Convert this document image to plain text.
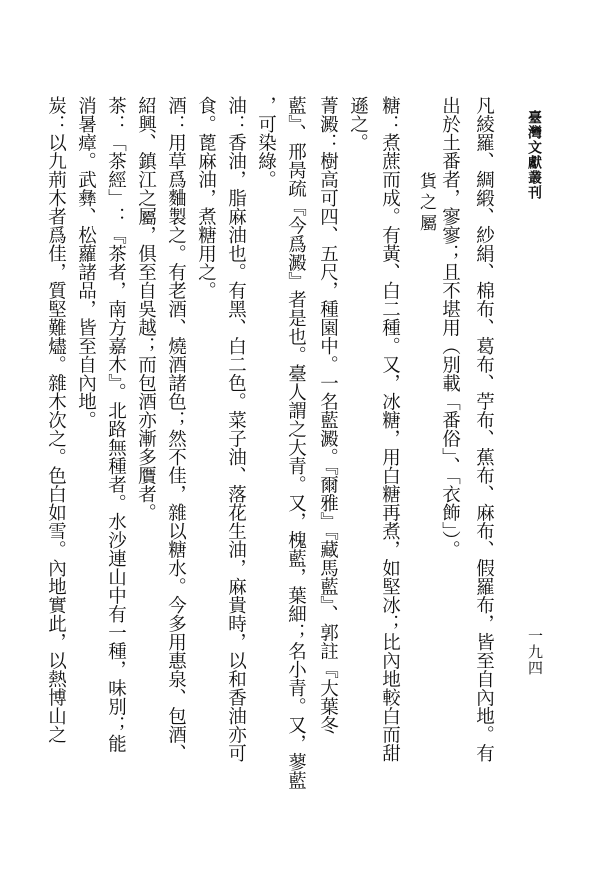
臺灣文獻叢刊
一九四
凡綾羅、綢緞、紗絹、棉布、葛布、苧布、蕉布、麻布、假羅布，皆至自內地。有
出於土番者，寥寥；且不堪用（別載「番俗」、「衣飾」）。
貨之屬
糖：煮蔗而成。有黃、白二種。又，冰糖，用白糖再煮，如堅冰；比內地較白而甜
遜之。
菁澱：樹高可四、五尺，種園中。一名藍澱。『爾雅』『藏馬藍』、郭註『大葉冬
藍』、邢昺疏『今爲澱』者是也。臺人謂之大青。又，槐藍，葉細；名小青。又，蓼藍
，可染綠。
油：香油，脂麻油也。有黑、白二色。菜子油、落花生油，麻貴時，以和香油亦可
食。蓖麻油，煮糖用之。
酒：用草爲麯製之。有老酒、燒酒諸色；然不佳，雜以糖水。今多用惠泉、包酒、
紹興、鎮江之屬，俱至自吳越；而包酒亦漸多贋者。
茶：「茶經」：『茶者，南方嘉木』。北路無種者。水沙連山中有一種，味別；能
消暑瘴。武彝、松蘿諸品，皆至自內地。
炭：以九荊木者爲佳，質堅難燼。雜木次之。色白如雪。內地實此，以熱博山之
